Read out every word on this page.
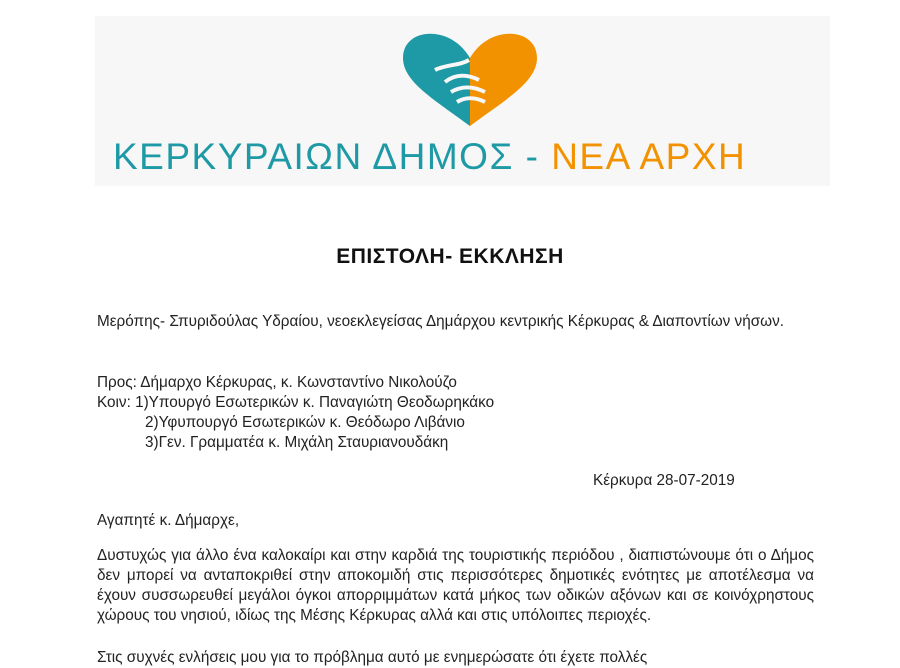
ΚΕΡΚΥΡΑΙΩΝ ΔΗΜΟΣ - ΝΕΑ ΑΡΧΗ
ΕΠΙΣΤΟΛΗ- ΕΚΚΛΗΣΗ
Μερόπης- Σπυριδούλας Υδραίου, νεοεκλεγείσας Δημάρχου κεντρικής Κέρκυρας & Διαποντίων νήσων.
Προς: Δήμαρχο Κέρκυρας, κ. Κωνσταντίνο Νικολούζο
Κοιν: 1)Υπουργό Εσωτερικών κ. Παναγιώτη Θεοδωρηκάκο
2)Υφυπουργό Εσωτερικών κ. Θεόδωρο Λιβάνιο
3)Γεν. Γραμματέα κ. Μιχάλη Σταυριανουδάκη
Κέρκυρα 28-07-2019
Αγαπητέ κ. Δήμαρχε,
Δυστυχώς για άλλο ένα καλοκαίρι και στην καρδιά της τουριστικής περιόδου , διαπιστώνουμε ότι ο Δήμος δεν μπορεί να ανταποκριθεί στην αποκομιδή στις περισσότερες δημοτικές ενότητες με αποτέλεσμα να έχουν συσσωρευθεί μεγάλοι όγκοι απορριμμάτων κατά μήκος των οδικών αξόνων και σε κοινόχρηστους χώρους του νησιού, ιδίως της Μέσης Κέρκυρας αλλά και στις υπόλοιπες περιοχές.
Στις συχνές ενλήσεις μου για το πρόβλημα αυτό με ενημερώσατε ότι έχετε πολλές
